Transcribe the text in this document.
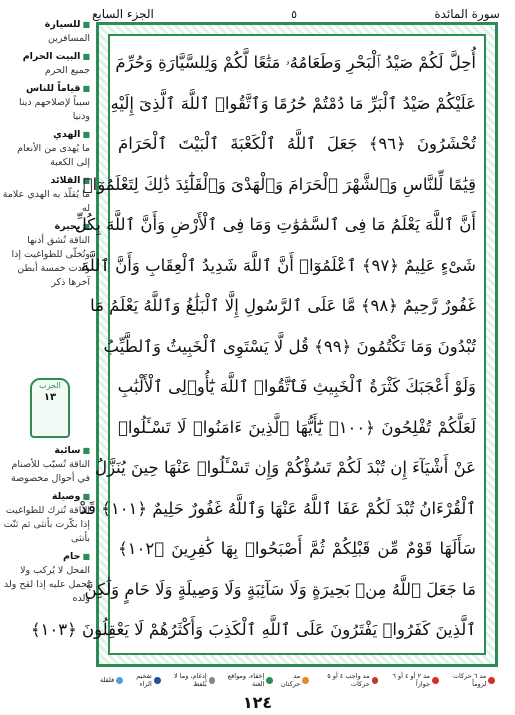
الجزء السابع	٥	سورة المائدة
■ للسيارة
المسافرين
■ البيت الحرام
جميع الحرم
■ قياماً للناس
سبباً لإصلاحهم دينا ودنيا
■ الهدي
ما يُهدى من الأنعام إلى الكعبة
■ القلائد
ما يُقلّد به الهدي علامة له
■ بحيرة
الناقة تُشق أذنها وتُخلّى للطواغيت إذا ولدت خمسة أبطن آخرها ذكر
■ سائبة
الناقة تُسيّب للأصنام في أحوال مخصوصة
■ وصيلة
الناقة تُترك للطواغيت إذا بكّرت بأنثى ثم ثنّت بأنثى
■ حام
الفحل لا يُركب ولا يُحمل عليه إذا لقح ولد ولده
الحزب
١٣
أُحِلَّ لَكُمْ صَيْدُ ٱلْبَحْرِ وَطَعَامُهُۥ مَتَٰعًا لَّكُمْ وَلِلسَّيَّارَةِ وَحُرِّمَ
عَلَيْكُمْ صَيْدُ ٱلْبَرِّ مَا دُمْتُمْ حُرُمًا وَٱتَّقُوا۟ ٱللَّهَ ٱلَّذِىٓ إِلَيْهِ
تُحْشَرُونَ ﴿٩٦﴾ جَعَلَ ٱللَّهُ ٱلْكَعْبَةَ ٱلْبَيْتَ ٱلْحَرَامَ
قِيَٰمًا لِّلنَّاسِ وَٱلشَّهْرَ ٱلْحَرَامَ وَٱلْهَدْىَ وَٱلْقَلَٰٓئِدَ ذَٰلِكَ لِتَعْلَمُوٓا۟
أَنَّ ٱللَّهَ يَعْلَمُ مَا فِى ٱلسَّمَٰوَٰتِ وَمَا فِى ٱلْأَرْضِ وَأَنَّ ٱللَّهَ بِكُلِّ
شَىْءٍ عَلِيمٌ ﴿٩٧﴾ ٱعْلَمُوٓا۟ أَنَّ ٱللَّهَ شَدِيدُ ٱلْعِقَابِ وَأَنَّ ٱللَّهَ
غَفُورٌ رَّحِيمٌ ﴿٩٨﴾ مَّا عَلَى ٱلرَّسُولِ إِلَّا ٱلْبَلَٰغُ وَٱللَّهُ يَعْلَمُ مَا
تُبْدُونَ وَمَا تَكْتُمُونَ ﴿٩٩﴾ قُل لَّا يَسْتَوِى ٱلْخَبِيثُ وَٱلطَّيِّبُ
وَلَوْ أَعْجَبَكَ كَثْرَةُ ٱلْخَبِيثِ فَٱتَّقُوا۟ ٱللَّهَ يَٰٓأُو۟لِى ٱلْأَلْبَٰبِ
لَعَلَّكُمْ تُفْلِحُونَ ﴿١٠٠﴾ يَٰٓأَيُّهَا ٱلَّذِينَ ءَامَنُوا۟ لَا تَسْـَٔلُوا۟
عَنْ أَشْيَآءَ إِن تُبْدَ لَكُمْ تَسُؤْكُمْ وَإِن تَسْـَٔلُوا۟ عَنْهَا حِينَ يُنَزَّلُ
ٱلْقُرْءَانُ تُبْدَ لَكُمْ عَفَا ٱللَّهُ عَنْهَا وَٱللَّهُ غَفُورٌ حَلِيمٌ ﴿١٠١﴾ قَدْ
سَأَلَهَا قَوْمٌ مِّن قَبْلِكُمْ ثُمَّ أَصْبَحُوا۟ بِهَا كَٰفِرِينَ ﴿١٠٢﴾
مَا جَعَلَ ٱللَّهُ مِنۢ بَحِيرَةٍ وَلَا سَآئِبَةٍ وَلَا وَصِيلَةٍ وَلَا حَامٍ وَلَٰكِنَّ
ٱلَّذِينَ كَفَرُوا۟ يَفْتَرُونَ عَلَى ٱللَّهِ ٱلْكَذِبَ وَأَكْثَرُهُمْ لَا يَعْقِلُونَ ﴿١٠٣﴾
مد ٦ حركات لزوماً
مد ٢ أو ٤ أو ٦ جوازاً
مد واجب ٤ أو ٥ حركات
مد حركتان
إخفاء، ومواقع الغنة
إدغام، وما لا يُلفظ
تفخيم الراء
قلقلة
١٢٤
